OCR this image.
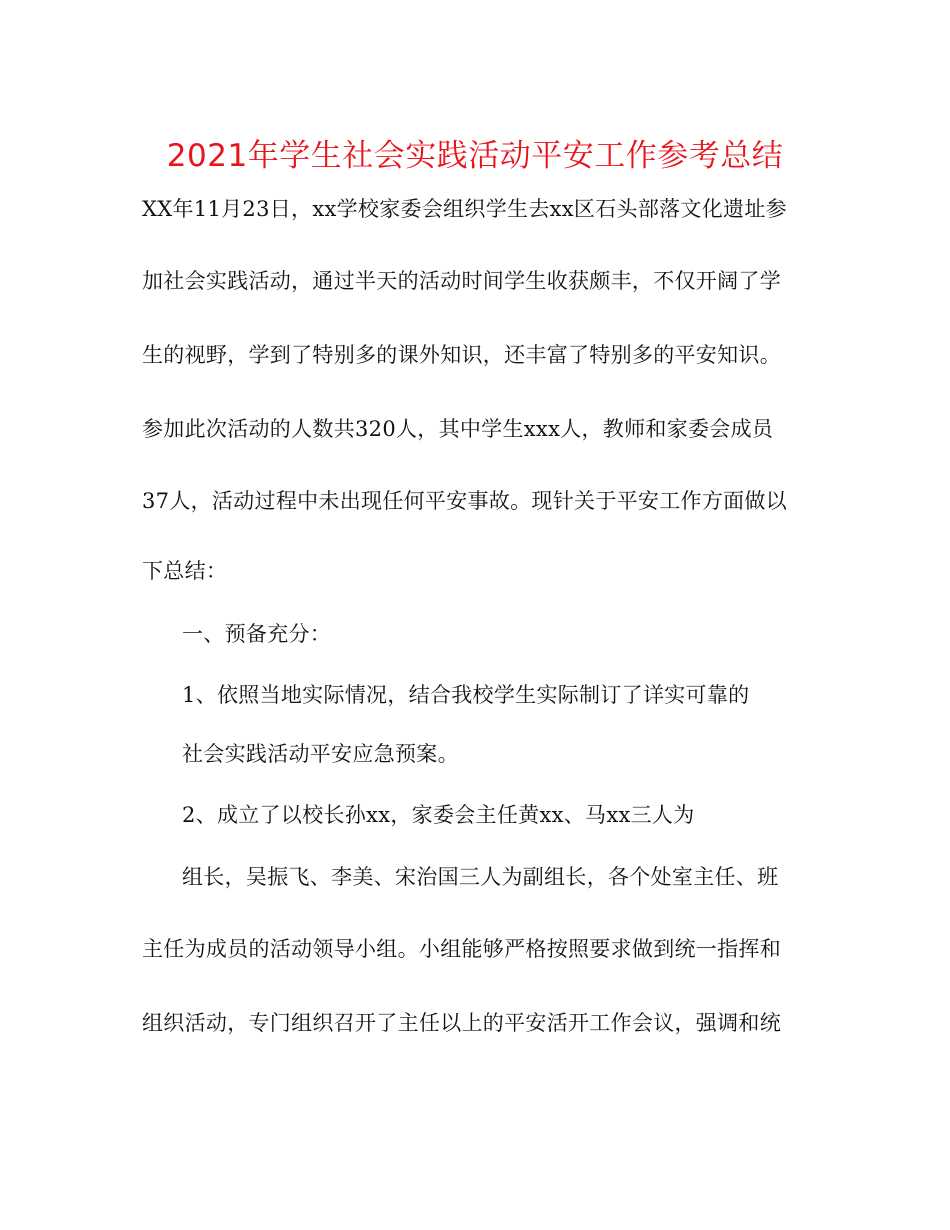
2021年学生社会实践活动平安工作参考总结
XX年11月23日，xx学校家委会组织学生去xx区石头部落文化遗址参
加社会实践活动，通过半天的活动时间学生收获颇丰，不仅开阔了学
生的视野，学到了特别多的课外知识，还丰富了特别多的平安知识。
参加此次活动的人数共320人，其中学生xxx人，教师和家委会成员
37人，活动过程中未出现任何平安事故。现针关于平安工作方面做以
下总结：
一、预备充分：
1、依照当地实际情况，结合我校学生实际制订了详实可靠的
社会实践活动平安应急预案。
2、成立了以校长孙xx，家委会主任黄xx、马xx三人为
组长，吴振飞、李美、宋治国三人为副组长，各个处室主任、班
主任为成员的活动领导小组。小组能够严格按照要求做到统一指挥和
组织活动，专门组织召开了主任以上的平安活开工作会议，强调和统
